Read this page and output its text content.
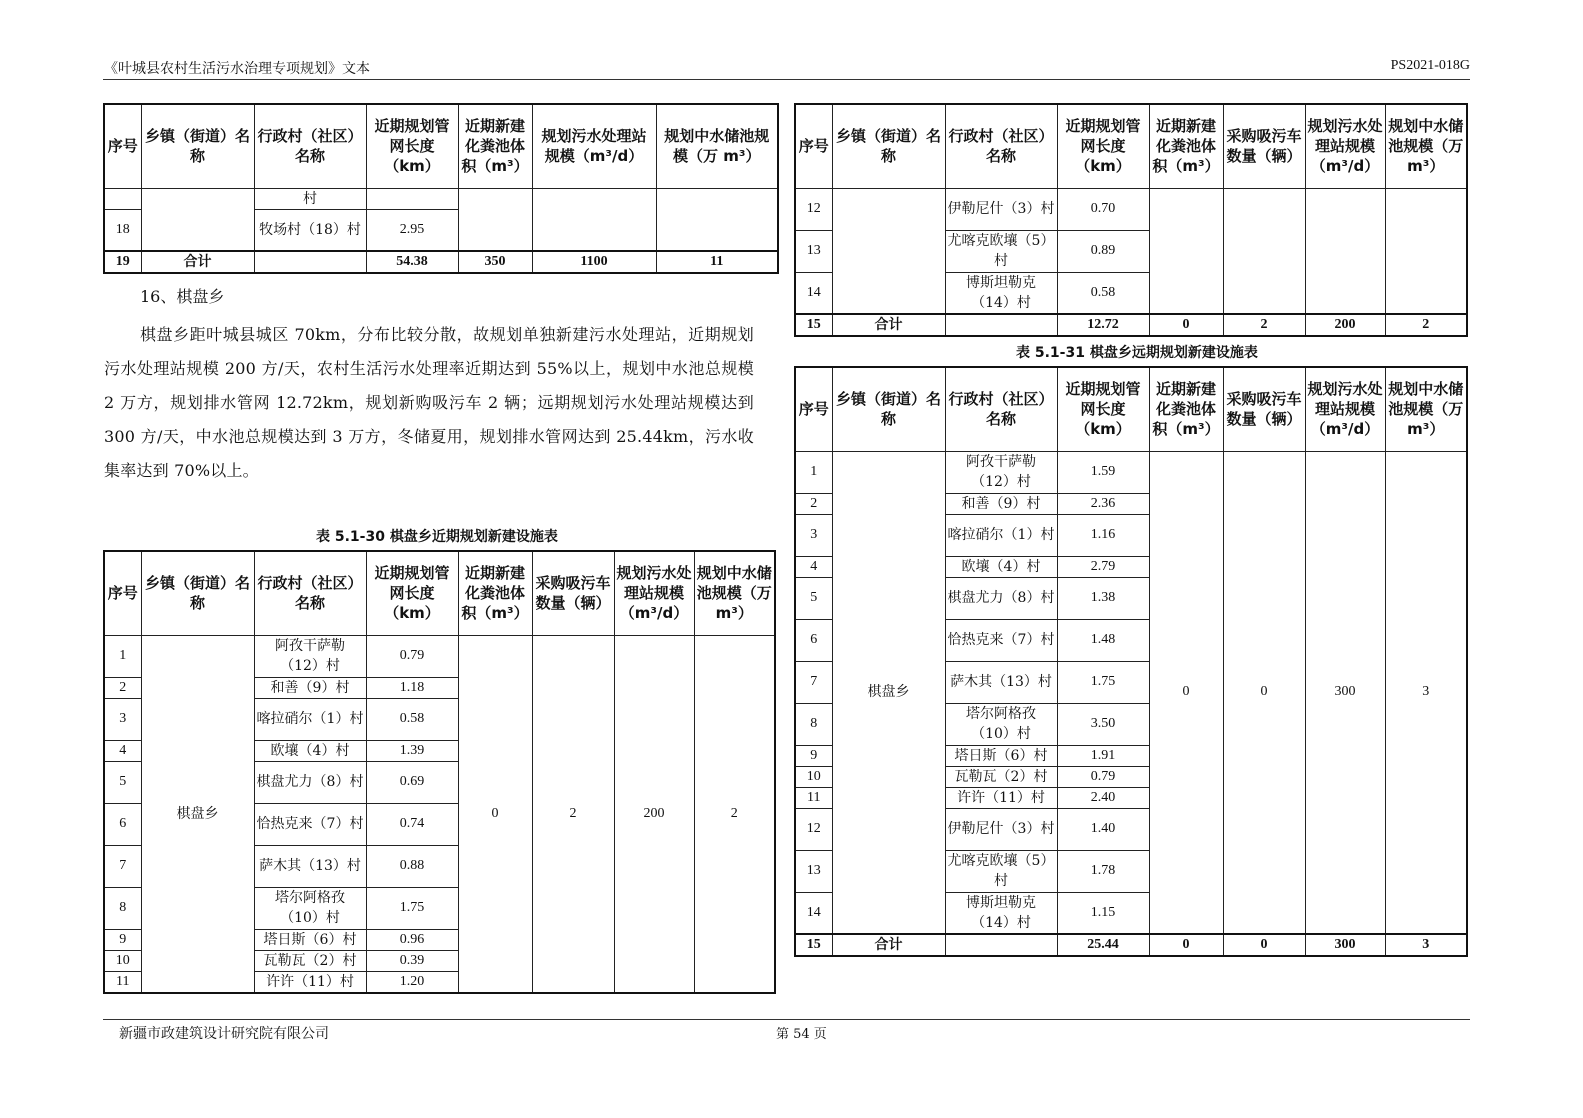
《叶城县农村生活污水治理专项规划》文本	PS2021-018G
序号	乡镇（街道）名称	行政村（社区）名称	近期规划管网长度（km）	近期新建化粪池体积（m³）	规划污水处理站规模（m³/d）	规划中水储池规模（万 m³）
		村				
18		牧场村（18）村	2.95			
19	合计		54.38	350	1100	11
16、棋盘乡
棋盘乡距叶城县城区 70km，分布比较分散，故规划单独新建污水处理站，近期规划污水处理站规模 200 方/天，农村生活污水处理率近期达到 55%以上，规划中水池总规模 2 万方，规划排水管网 12.72km，规划新购吸污车 2 辆；远期规划污水处理站规模达到 300 方/天，中水池总规模达到 3 万方，冬储夏用，规划排水管网达到 25.44km，污水收集率达到 70%以上。
表 5.1-30 棋盘乡近期规划新建设施表
序号	乡镇（街道）名称	行政村（社区）名称	近期规划管网长度（km）	近期新建化粪池体积（m³）	采购吸污车数量（辆）	规划污水处理站规模（m³/d）	规划中水储池规模（万 m³）
1	棋盘乡	阿孜干萨勒（12）村	0.79	0	2	200	2
2		和善（9）村	1.18				
3		喀拉硝尔（1）村	0.58				
4		欧壤（4）村	1.39				
5		棋盘尤力（8）村	0.69				
6		恰热克来（7）村	0.74				
7		萨木其（13）村	0.88				
8		塔尔阿格孜（10）村	1.75				
9		塔日斯（6）村	0.96				
10		瓦勒瓦（2）村	0.39				
11		许许（11）村	1.20				
序号	乡镇（街道）名称	行政村（社区）名称	近期规划管网长度（km）	近期新建化粪池体积（m³）	采购吸污车数量（辆）	规划污水处理站规模（m³/d）	规划中水储池规模（万 m³）
12		伊勒尼什（3）村	0.70				
13		尤喀克欧壤（5）村	0.89				
14		博斯坦勒克（14）村	0.58				
15	合计		12.72	0	2	200	2
表 5.1-31 棋盘乡远期规划新建设施表
序号	乡镇（街道）名称	行政村（社区）名称	近期规划管网长度（km）	近期新建化粪池体积（m³）	采购吸污车数量（辆）	规划污水处理站规模（m³/d）	规划中水储池规模（万 m³）
1	棋盘乡	阿孜干萨勒（12）村	1.59	0	0	300	3
2		和善（9）村	2.36				
3		喀拉硝尔（1）村	1.16				
4		欧壤（4）村	2.79				
5		棋盘尤力（8）村	1.38				
6		恰热克来（7）村	1.48				
7		萨木其（13）村	1.75				
8		塔尔阿格孜（10）村	3.50				
9		塔日斯（6）村	1.91				
10		瓦勒瓦（2）村	0.79				
11		许许（11）村	2.40				
12		伊勒尼什（3）村	1.40				
13		尤喀克欧壤（5）村	1.78				
14		博斯坦勒克（14）村	1.15				
15	合计		25.44	0	0	300	3
新疆市政建筑设计研究院有限公司	第 54 页
